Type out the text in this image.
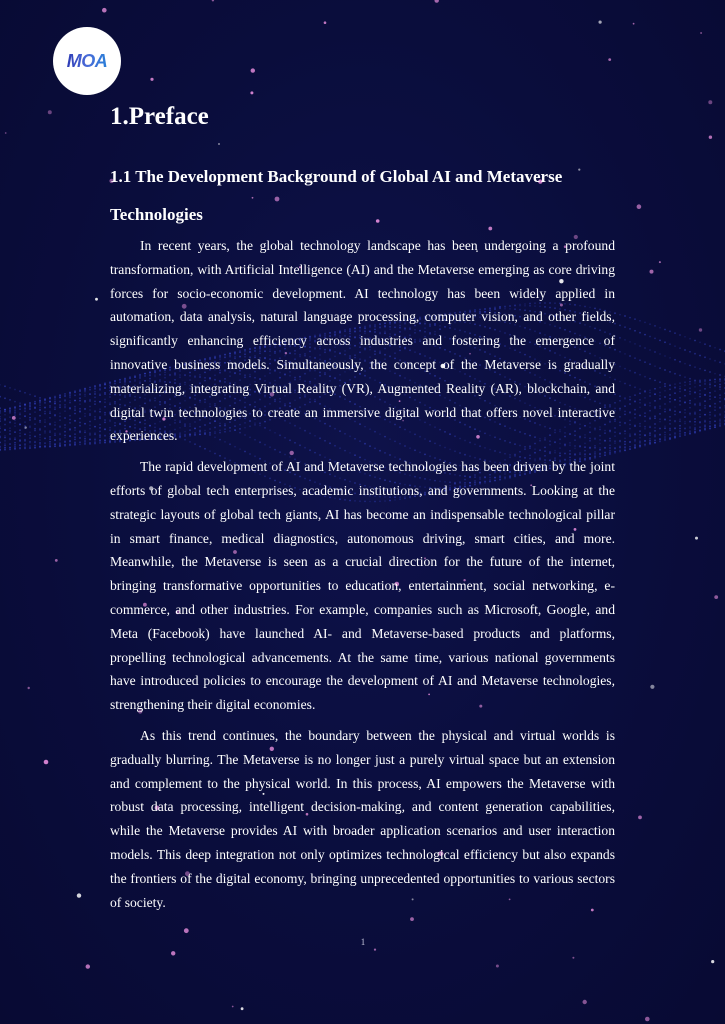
MOA
1.Preface
1.1 The Development Background of Global AI and Metaverse Technologies

In recent years, the global technology landscape has been undergoing a profound transformation, with Artificial Intelligence (AI) and the Metaverse emerging as core driving forces for socio-economic development. AI technology has been widely applied in automation, data analysis, natural language processing, computer vision, and other fields, significantly enhancing efficiency across industries and fostering the emergence of innovative business models. Simultaneously, the concept of the Metaverse is gradually materializing, integrating Virtual Reality (VR), Augmented Reality (AR), blockchain, and digital twin technologies to create an immersive digital world that offers novel interactive experiences.

The rapid development of AI and Metaverse technologies has been driven by the joint efforts of global tech enterprises, academic institutions, and governments. Looking at the strategic layouts of global tech giants, AI has become an indispensable technological pillar in smart finance, medical diagnostics, autonomous driving, smart cities, and more. Meanwhile, the Metaverse is seen as a crucial direction for the future of the internet, bringing transformative opportunities to education, entertainment, social networking, e-commerce, and other industries. For example, companies such as Microsoft, Google, and Meta (Facebook) have launched AI- and Metaverse-based products and platforms, propelling technological advancements. At the same time, various national governments have introduced policies to encourage the development of AI and Metaverse technologies, strengthening their digital economies.

As this trend continues, the boundary between the physical and virtual worlds is gradually blurring. The Metaverse is no longer just a purely virtual space but an extension and complement to the physical world. In this process, AI empowers the Metaverse with robust data processing, intelligent decision-making, and content generation capabilities, while the Metaverse provides AI with broader application scenarios and user interaction models. This deep integration not only optimizes technological efficiency but also expands the frontiers of the digital economy, bringing unprecedented opportunities to various sectors of society.

1
